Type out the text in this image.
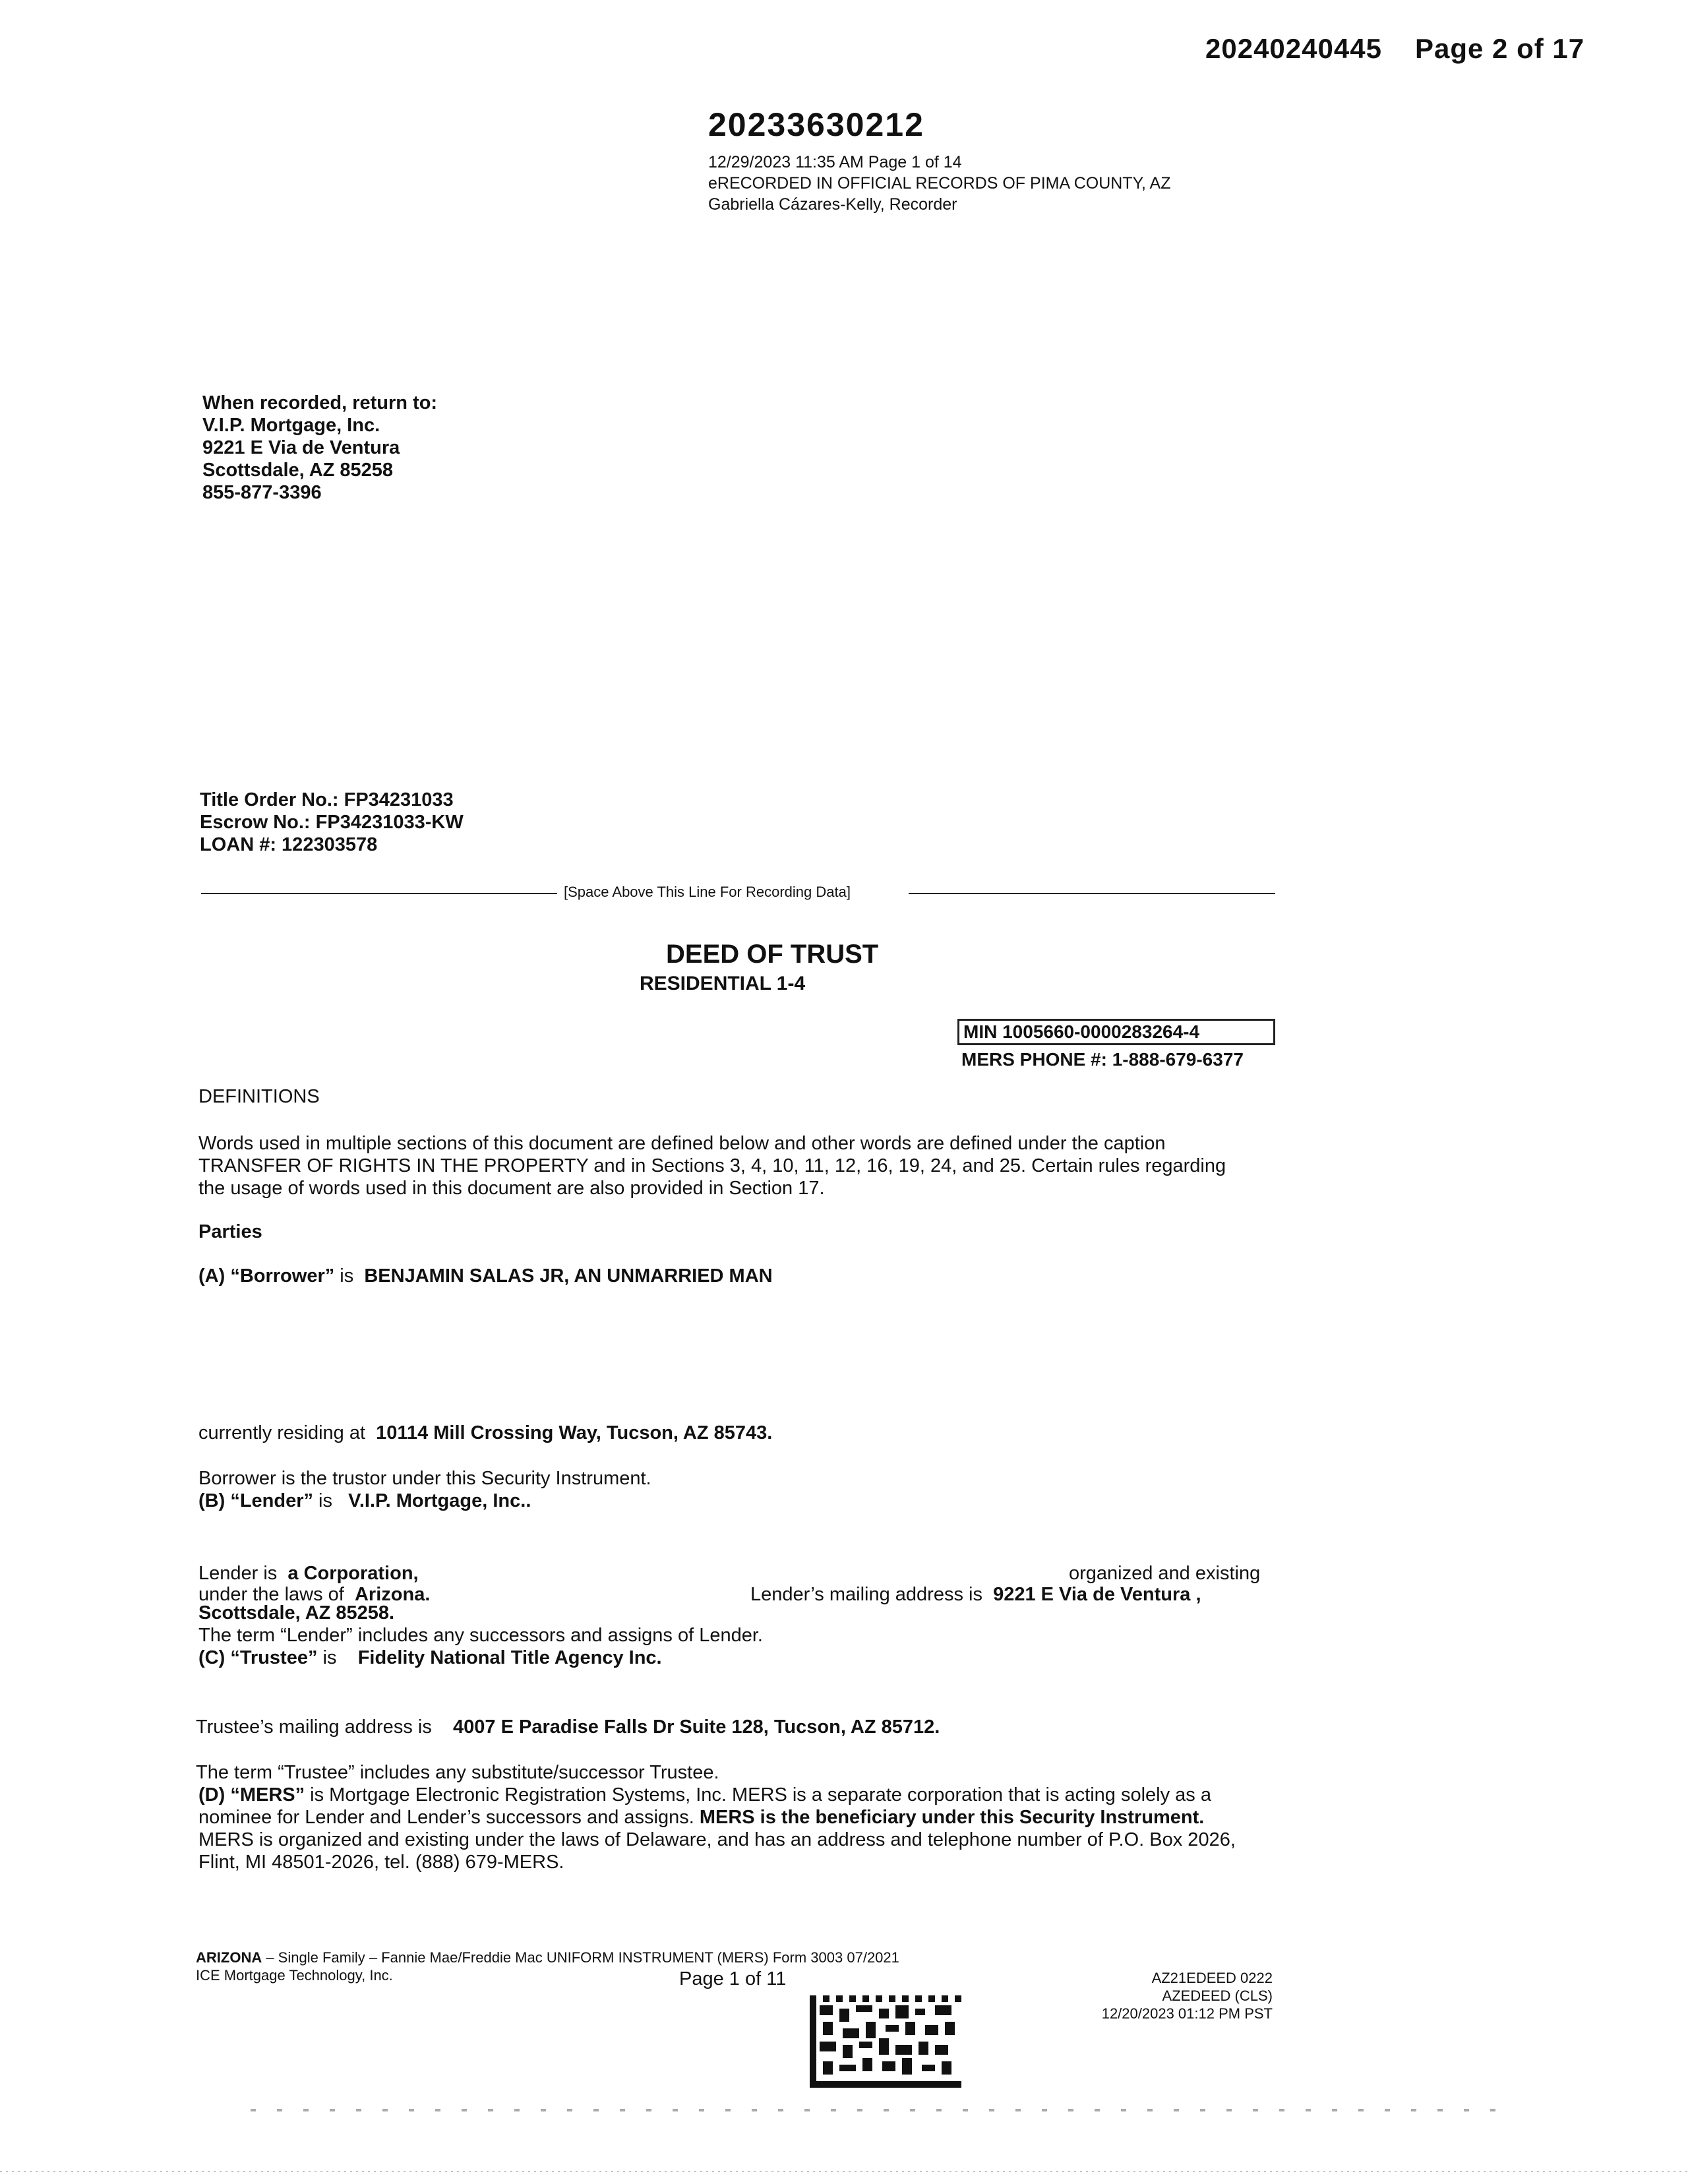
20240240445 Page 2 of 17
20233630212
12/29/2023 11:35 AM Page 1 of 14
eRECORDED IN OFFICIAL RECORDS OF PIMA COUNTY, AZ
Gabriella Cázares-Kelly, Recorder
When recorded, return to:
V.I.P. Mortgage, Inc.
9221 E Via de Ventura
Scottsdale, AZ 85258
855-877-3396
Title Order No.: FP34231033
Escrow No.: FP34231033-KW
LOAN #: 122303578
[Space Above This Line For Recording Data]
DEED OF TRUST
RESIDENTIAL 1-4
MIN 1005660-0000283264-4
MERS PHONE #: 1-888-679-6377
DEFINITIONS
Words used in multiple sections of this document are defined below and other words are defined under the caption
TRANSFER OF RIGHTS IN THE PROPERTY and in Sections 3, 4, 10, 11, 12, 16, 19, 24, and 25. Certain rules regarding
the usage of words used in this document are also provided in Section 17.
Parties
(A) “Borrower” is  BENJAMIN SALAS JR, AN UNMARRIED MAN
currently residing at  10114 Mill Crossing Way, Tucson, AZ 85743.
Borrower is the trustor under this Security Instrument.
(B) “Lender” is   V.I.P. Mortgage, Inc..
Lender is  a Corporation,	organized and existing
under the laws of  Arizona.	Lender’s mailing address is  9221 E Via de Ventura ,
Scottsdale, AZ 85258.
The term “Lender” includes any successors and assigns of Lender.
(C) “Trustee” is    Fidelity National Title Agency Inc.
Trustee’s mailing address is    4007 E Paradise Falls Dr Suite 128, Tucson, AZ 85712.
The term “Trustee” includes any substitute/successor Trustee.
(D) “MERS” is Mortgage Electronic Registration Systems, Inc. MERS is a separate corporation that is acting solely as a
nominee for Lender and Lender’s successors and assigns. MERS is the beneficiary under this Security Instrument.
MERS is organized and existing under the laws of Delaware, and has an address and telephone number of P.O. Box 2026,
Flint, MI 48501-2026, tel. (888) 679-MERS.
ARIZONA – Single Family – Fannie Mae/Freddie Mac UNIFORM INSTRUMENT (MERS) Form 3003 07/2021
ICE Mortgage Technology, Inc.	Page 1 of 11	AZ21EDEED 0222
AZEDEED (CLS)
12/20/2023 01:12 PM PST
